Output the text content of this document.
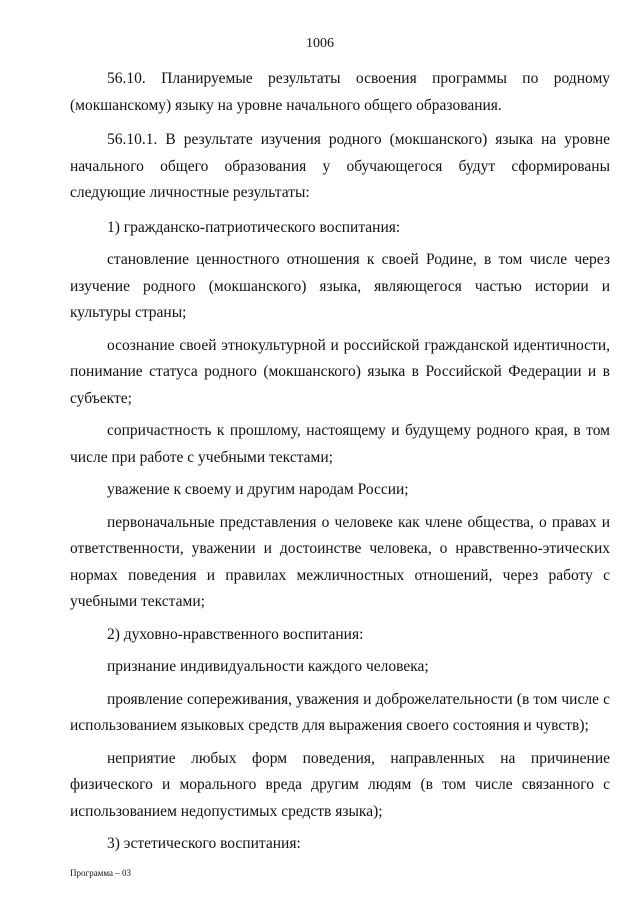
1006

56.10. Планируемые результаты освоения программы по родному (мокшанскому) языку на уровне начального общего образования.

56.10.1. В результате изучения родного (мокшанского) языка на уровне начального общего образования у обучающегося будут сформированы следующие личностные результаты:

1) гражданско-патриотического воспитания:

становление ценностного отношения к своей Родине, в том числе через изучение родного (мокшанского) языка, являющегося частью истории и культуры страны;

осознание своей этнокультурной и российской гражданской идентичности, понимание статуса родного (мокшанского) языка в Российской Федерации и в субъекте;

сопричастность к прошлому, настоящему и будущему родного края, в том числе при работе с учебными текстами;

уважение к своему и другим народам России;

первоначальные представления о человеке как члене общества, о правах и ответственности, уважении и достоинстве человека, о нравственно-этических нормах поведения и правилах межличностных отношений, через работу с учебными текстами;

2) духовно-нравственного воспитания:

признание индивидуальности каждого человека;

проявление сопереживания, уважения и доброжелательности (в том числе с использованием языковых средств для выражения своего состояния и чувств);

неприятие любых форм поведения, направленных на причинение физического и морального вреда другим людям (в том числе связанного с использованием недопустимых средств языка);

3) эстетического воспитания:

Программа – 03
